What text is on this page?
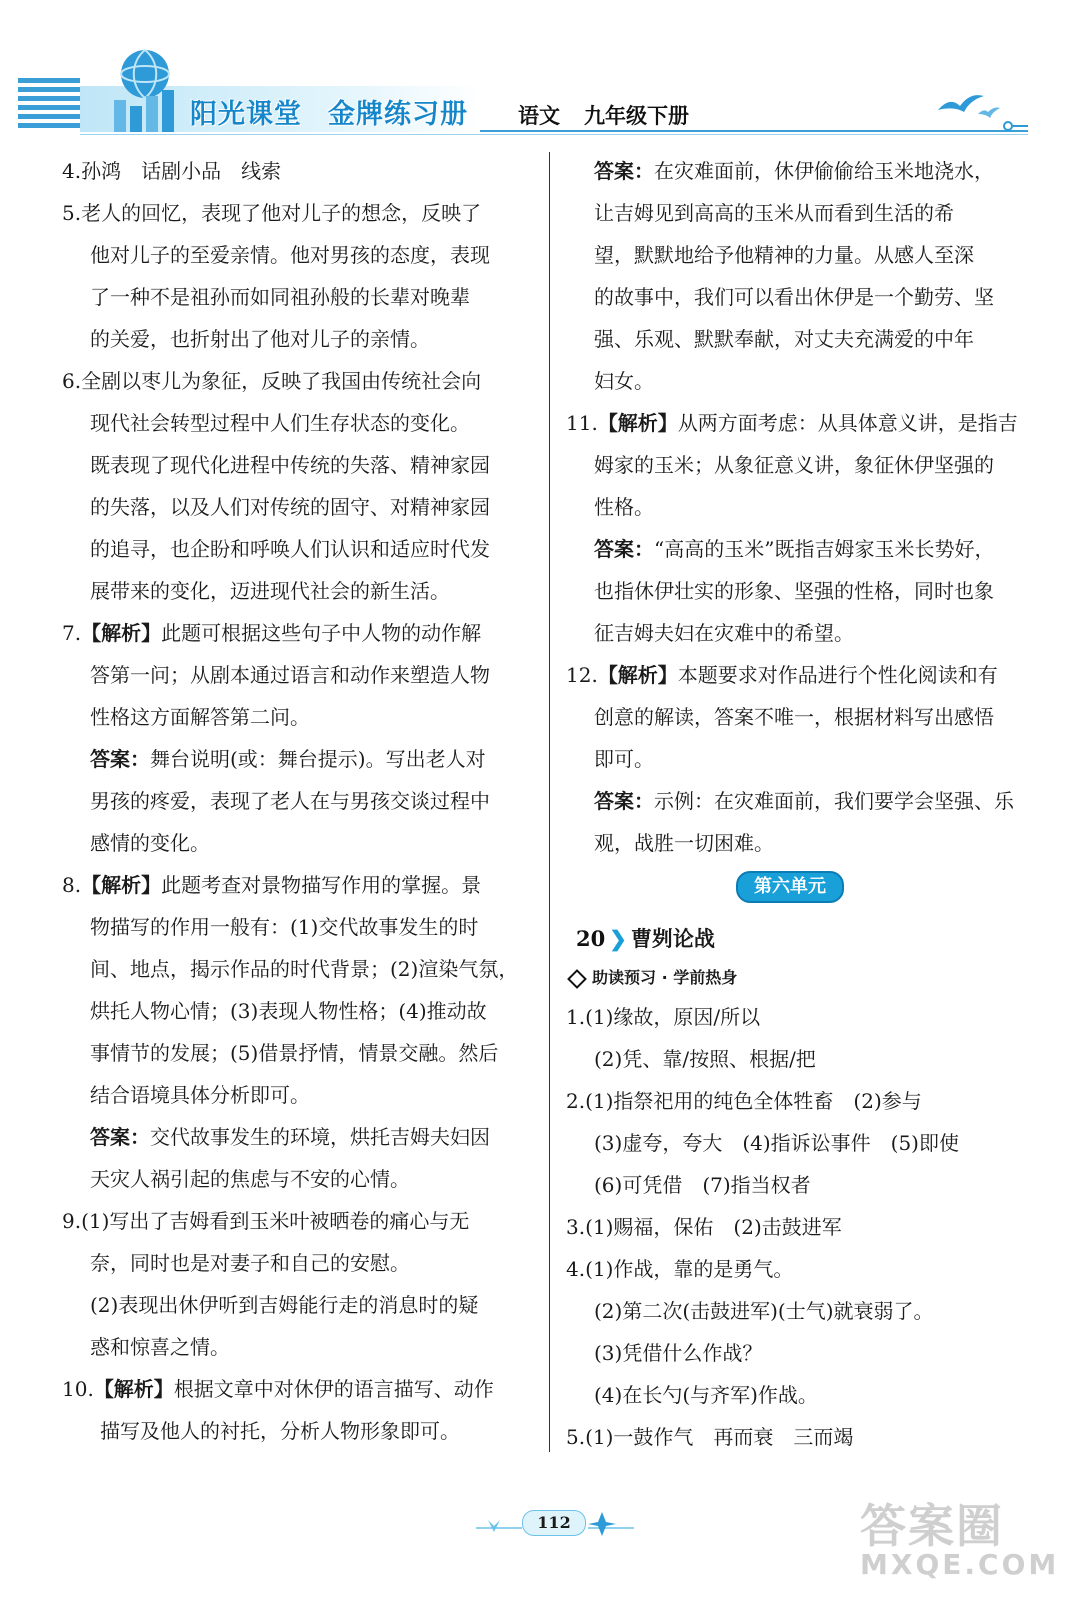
阳光课堂 金牌练习册 语文 九年级下册
4.孙鸿　话剧小品　线索
5.老人的回忆，表现了他对儿子的想念，反映了
他对儿子的至爱亲情。他对男孩的态度，表现
了一种不是祖孙而如同祖孙般的长辈对晚辈
的关爱，也折射出了他对儿子的亲情。
6.全剧以枣儿为象征，反映了我国由传统社会向
现代社会转型过程中人们生存状态的变化。
既表现了现代化进程中传统的失落、精神家园
的失落，以及人们对传统的固守、对精神家园
的追寻，也企盼和呼唤人们认识和适应时代发
展带来的变化，迈进现代社会的新生活。
7.【解析】此题可根据这些句子中人物的动作解
答第一问；从剧本通过语言和动作来塑造人物
性格这方面解答第二问。
答案：舞台说明(或：舞台提示)。写出老人对
男孩的疼爱，表现了老人在与男孩交谈过程中
感情的变化。
8.【解析】此题考查对景物描写作用的掌握。景
物描写的作用一般有：(1)交代故事发生的时
间、地点，揭示作品的时代背景；(2)渲染气氛，
烘托人物心情；(3)表现人物性格；(4)推动故
事情节的发展；(5)借景抒情，情景交融。然后
结合语境具体分析即可。
答案：交代故事发生的环境，烘托吉姆夫妇因
天灾人祸引起的焦虑与不安的心情。
9.(1)写出了吉姆看到玉米叶被晒卷的痛心与无
奈，同时也是对妻子和自己的安慰。
(2)表现出休伊听到吉姆能行走的消息时的疑
惑和惊喜之情。
10.【解析】根据文章中对休伊的语言描写、动作
描写及他人的衬托，分析人物形象即可。
答案：在灾难面前，休伊偷偷给玉米地浇水，
让吉姆见到高高的玉米从而看到生活的希
望，默默地给予他精神的力量。从感人至深
的故事中，我们可以看出休伊是一个勤劳、坚
强、乐观、默默奉献，对丈夫充满爱的中年
妇女。
11.【解析】从两方面考虑：从具体意义讲，是指吉
姆家的玉米；从象征意义讲，象征休伊坚强的
性格。
答案：“高高的玉米”既指吉姆家玉米长势好，
也指休伊壮实的形象、坚强的性格，同时也象
征吉姆夫妇在灾难中的希望。
12.【解析】本题要求对作品进行个性化阅读和有
创意的解读，答案不唯一，根据材料写出感悟
即可。
答案：示例：在灾难面前，我们要学会坚强、乐
观，战胜一切困难。
第六单元
20 ❯ 曹刿论战
助读预习 · 学前热身
1.(1)缘故，原因/所以
(2)凭、靠/按照、根据/把
2.(1)指祭祀用的纯色全体牲畜　(2)参与
(3)虚夸，夸大　(4)指诉讼事件　(5)即使
(6)可凭借　(7)指当权者
3.(1)赐福，保佑　(2)击鼓进军
4.(1)作战，靠的是勇气。
(2)第二次(击鼓进军)(士气)就衰弱了。
(3)凭借什么作战？
(4)在长勺(与齐军)作战。
5.(1)一鼓作气　再而衰　三而竭
112	答案圈
MXQE.COM
